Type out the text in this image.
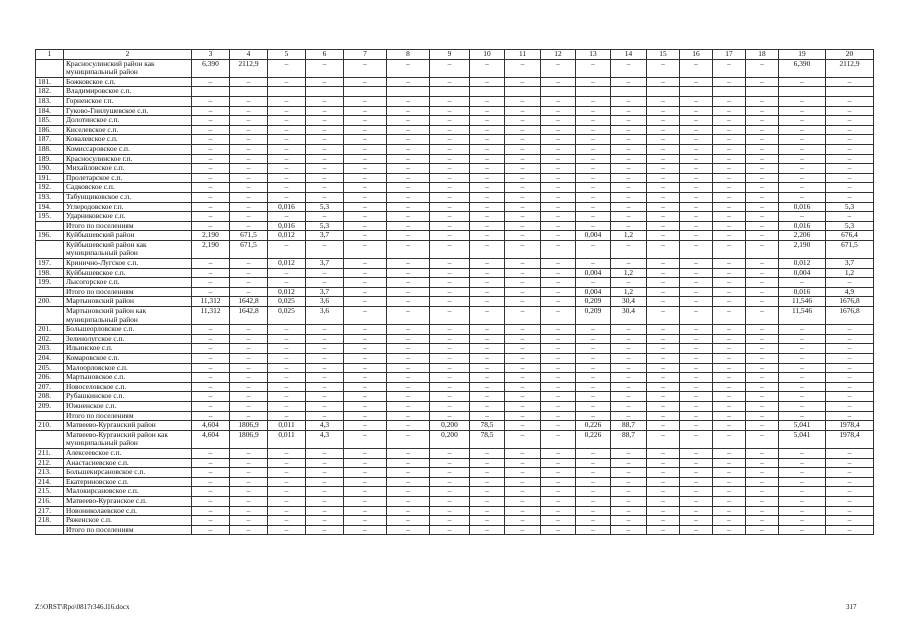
1	2	3	4	5	6	7	8	9	10	11	12	13	14	15	16	17	18	19	20
	Красносулинский район как муниципальный район	6,390	2112,9	–	–	–	–	–	–	–	–	–	–	–	–	–	–	6,390	2112,9
181.	Божковское с.п.	–	–	–	–	–	–	–	–	–	–	–	–	–	–	–	–	–	–
182.	Владимировское с.п.																		
183.	Горненское г.п.	–	–	–	–	–	–	–	–	–	–	–	–	–	–	–	–	–	–
184.	Гуково-Гнилушевское с.п.	–	–	–	–	–	–	–	–	–	–	–	–	–	–	–	–	–	–
185.	Долотинское с.п.	–	–	–	–	–	–	–	–	–	–	–	–	–	–	–	–	–	–
186.	Киселевское с.п.	–	–	–	–	–	–	–	–	–	–	–	–	–	–	–	–	–	–
187.	Ковалевское с.п.	–	–	–	–	–	–	–	–	–	–	–	–	–	–	–	–	–	–
188.	Комиссаровское с.п.	–	–	–	–	–	–	–	–	–	–	–	–	–	–	–	–	–	–
189.	Красносулинское г.п.	–	–	–	–	–	–	–	–	–	–	–	–	–	–	–	–	–	–
190.	Михайловское с.п.	–	–	–	–	–	–	–	–	–	–	–	–	–	–	–	–	–	–
191.	Пролетарское с.п.	–	–	–	–	–	–	–	–	–	–	–	–	–	–	–	–	–	–
192.	Садковское с.п.	–	–	–	–	–	–	–	–	–	–	–	–	–	–	–	–	–	–
193.	Табунщиковское с.п.	–	–	–	–	–	–	–	–	–	–	–	–	–	–	–	–	–	–
194.	Углеродовское г.п.	–	–	0,016	5,3	–	–	–	–	–	–	–	–	–	–	–	–	0,016	5,3
195.	Ударниковское с.п.	–	–	–	–	–	–	–	–	–	–	–	–	–	–	–	–	–	–
	Итого по поселениям	–	–	0,016	5,3	–	–	–	–	–	–	–	–	–	–	–	–	0,016	5,3
196.	Куйбышевский район	2,190	671,5	0,012	3,7	–	–	–	–	–	–	0,004	1,2	–	–	–	–	2,206	676,4
	Куйбышевский район как муниципальный район	2,190	671,5	–	–	–	–	–	–	–	–	–	–	–	–	–	–	2,190	671,5
197.	Кринично-Лугское с.п.	–	–	0,012	3,7	–	–	–	–	–	–	–	–	–	–	–	–	0,012	3,7
198.	Куйбышевское с.п.	–	–	–	–	–	–	–	–	–	–	0,004	1,2	–	–	–	–	0,004	1,2
199.	Лысогорское с.п.	–	–	–	–	–	–	–	–	–	–	–	–	–	–	–	–	–	–
	Итого по поселениям	–	–	0,012	3,7	–	–	–	–	–	–	0,004	1,2	–	–	–	–	0,016	4,9
200.	Мартыновский район	11,312	1642,8	0,025	3,6	–	–	–	–	–	–	0,209	30,4	–	–	–	–	11,546	1676,8
	Мартыновский район как муниципальный район	11,312	1642,8	0,025	3,6	–	–	–	–	–	–	0,209	30,4	–	–	–	–	11,546	1676,8
201.	Большеорловское с.п.	–	–	–	–	–	–	–	–	–	–	–	–	–	–	–	–	–	–
202.	Зеленолугское с.п.	–	–	–	–	–	–	–	–	–	–	–	–	–	–	–	–	–	–
203.	Ильинское с.п.	–	–	–	–	–	–	–	–	–	–	–	–	–	–	–	–	–	–
204.	Комаровское с.п.	–	–	–	–	–	–	–	–	–	–	–	–	–	–	–	–	–	–
205.	Малоорловское с.п.	–	–	–	–	–	–	–	–	–	–	–	–	–	–	–	–	–	–
206.	Мартыновское с.п.	–	–	–	–	–	–	–	–	–	–	–	–	–	–	–	–	–	–
207.	Новоселовское с.п.	–	–	–	–	–	–	–	–	–	–	–	–	–	–	–	–	–	–
208.	Рубашкинское с.п.	–	–	–	–	–	–	–	–	–	–	–	–	–	–	–	–	–	–
209.	Южненское с.п.	–	–	–	–	–	–	–	–	–	–	–	–	–	–	–	–	–	–
	Итого по поселениям	–	–	–	–	–	–	–	–	–	–	–	–	–	–	–	–	–	–
210.	Матвеево-Курганский район	4,604	1806,9	0,011	4,3	–	–	0,200	78,5	–	–	0,226	88,7	–	–	–	–	5,041	1978,4
	Матвеево-Курганский район как муниципальный район	4,604	1806,9	0,011	4,3	–	–	0,200	78,5	–	–	0,226	88,7	–	–	–	–	5,041	1978,4
211.	Алексеевское с.п.	–	–	–	–	–	–	–	–	–	–	–	–	–	–	–	–	–	–
212.	Анастасиевское с.п.	–	–	–	–	–	–	–	–	–	–	–	–	–	–	–	–	–	–
213.	Большекирсановское с.п.	–	–	–	–	–	–	–	–	–	–	–	–	–	–	–	–	–	–
214.	Екатериновское с.п.	–	–	–	–	–	–	–	–	–	–	–	–	–	–	–	–	–	–
215.	Малокирсановское с.п.	–	–	–	–	–	–	–	–	–	–	–	–	–	–	–	–	–	–
216.	Матвеево-Курганское с.п.	–	–	–	–	–	–	–	–	–	–	–	–	–	–	–	–	–	–
217.	Новониколаевское с.п.	–	–	–	–	–	–	–	–	–	–	–	–	–	–	–	–	–	–
218.	Ряженское с.п.	–	–	–	–	–	–	–	–	–	–	–	–	–	–	–	–	–	–
	Итого по поселениям	–	–	–	–	–	–	–	–	–	–	–	–	–	–	–	–	–	–
Z:\ORST\Rpo\0817r346.l16.docx	317
